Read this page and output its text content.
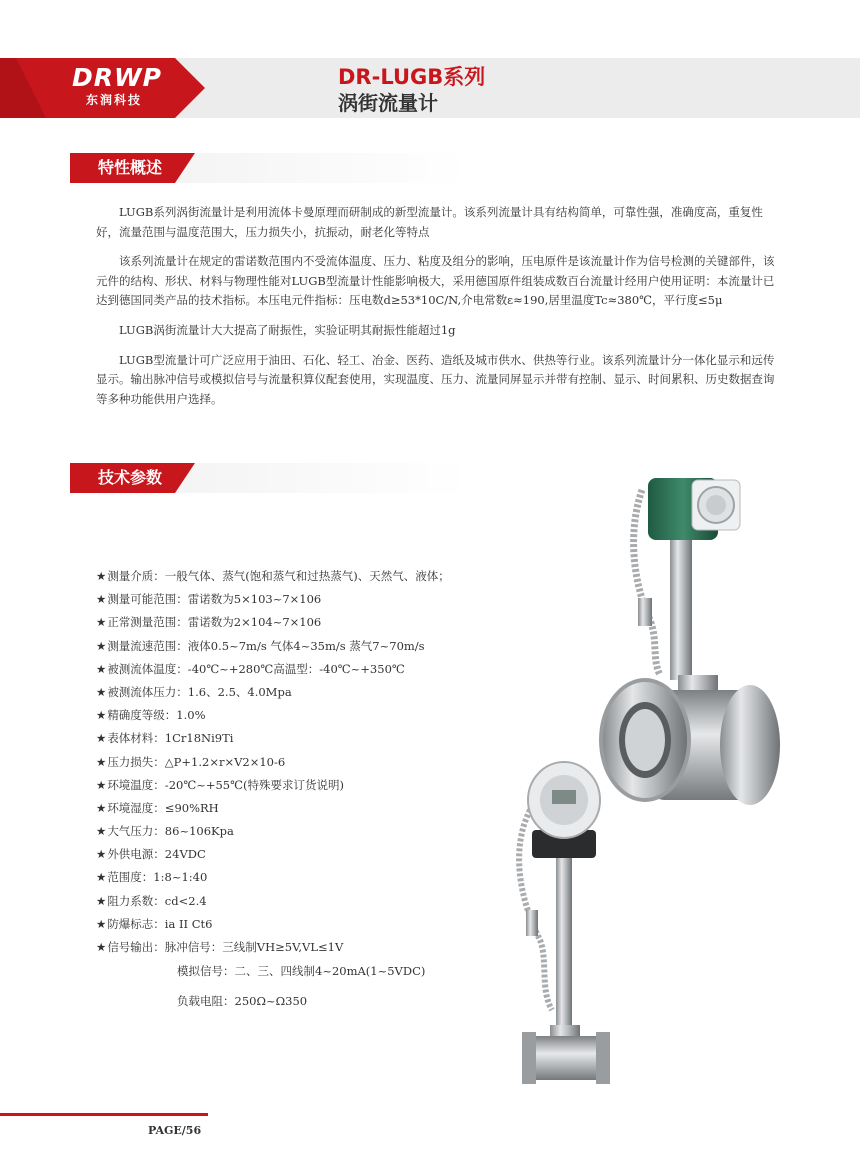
DRWP
东润科技
DR-LUGB系列
涡街流量计
特性概述

LUGB系列涡街流量计是利用流体卡曼原理而研制成的新型流量计。该系列流量计具有结构简单，可靠性强，准确度高，重复性好，流量范围与温度范围大，压力损失小，抗振动，耐老化等特点

该系列流量计在规定的雷诺数范围内不受流体温度、压力、粘度及组分的影响，压电原件是该流量计作为信号检测的关键部件，该元件的结构、形状、材料与物理性能对LUGB型流量计性能影响极大，采用德国原件组装成数百台流量计经用户使用证明：本流量计已达到德国同类产品的技术指标。本压电元件指标：压电数d≥53*10C/N,介电常数ε≈190,居里温度Tc≈380℃，平行度≤5μ

LUGB涡街流量计大大提高了耐振性，实验证明其耐振性能超过1g

LUGB型流量计可广泛应用于油田、石化、轻工、冶金、医药、造纸及城市供水、供热等行业。该系列流量计分一体化显示和远传显示。输出脉冲信号或模拟信号与流量积算仪配套使用，实现温度、压力、流量同屏显示并带有控制、显示、时间累积、历史数据查询等多种功能供用户选择。

技术参数
★测量介质：一般气体、蒸气(饱和蒸气和过热蒸气)、天然气、液体；
★测量可能范围：雷诺数为5×103~7×106
★正常测量范围：雷诺数为2×104~7×106
★测量流速范围：液体0.5~7m/s 气体4~35m/s 蒸气7~70m/s
★被测流体温度：-40℃~+280℃高温型：-40℃~+350℃
★被测流体压力：1.6、2.5、4.0Mpa
★精确度等级：1.0%
★表体材料：1Cr18Ni9Ti
★压力损失：△P+1.2×r×V2×10-6
★环境温度：-20℃~+55℃(特殊要求订货说明)
★环境湿度：≤90%RH
★大气压力：86~106Kpa
★外供电源：24VDC
★范围度：1:8~1:40
★阻力系数：cd<2.4
★防爆标志：ia II Ct6
★信号输出：脉冲信号：三线制VH≥5V,VL≤1V
模拟信号：二、三、四线制4~20mA(1~5VDC)
负载电阻：250Ω~Ω350
PAGE/56
